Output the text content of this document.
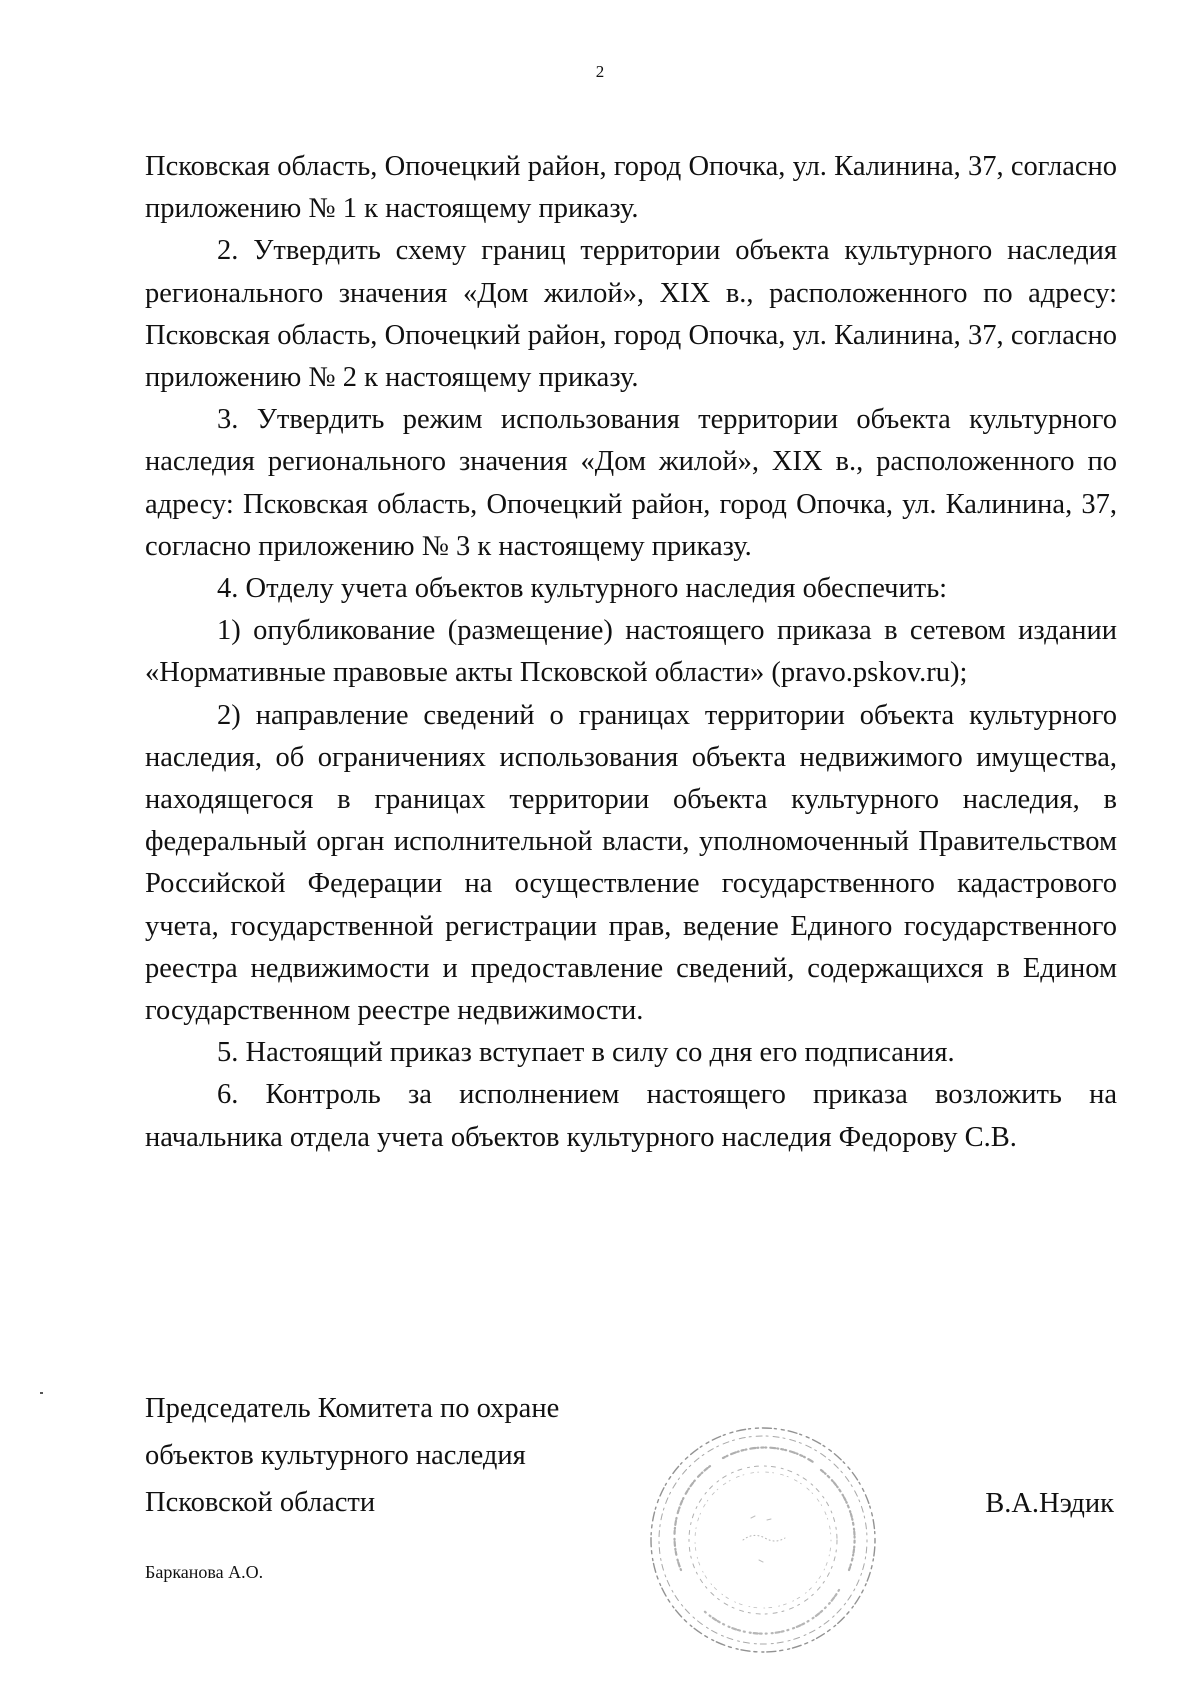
2

Псковская область, Опочецкий район, город Опочка, ул. Калинина, 37, согласно приложению № 1 к настоящему приказу.

2. Утвердить схему границ территории объекта культурного наследия регионального значения «Дом жилой», XIX в., расположенного по адресу: Псковская область, Опочецкий район, город Опочка, ул. Калинина, 37, согласно приложению № 2 к настоящему приказу.

3. Утвердить режим использования территории объекта культурного наследия регионального значения «Дом жилой», XIX в., расположенного по адресу: Псковская область, Опочецкий район, город Опочка, ул. Калинина, 37, согласно приложению № 3 к настоящему приказу.

4. Отделу учета объектов культурного наследия обеспечить:

1) опубликование (размещение) настоящего приказа в сетевом издании «Нормативные правовые акты Псковской области» (pravo.pskov.ru);

2) направление сведений о границах территории объекта культурного наследия, об ограничениях использования объекта недвижимого имущества, находящегося в границах территории объекта культурного наследия, в федеральный орган исполнительной власти, уполномоченный Правительством Российской Федерации на осуществление государственного кадастрового учета, государственной регистрации прав, ведение Единого государственного реестра недвижимости и предоставление сведений, содержащихся в Едином государственном реестре недвижимости.

5. Настоящий приказ вступает в силу со дня его подписания.

6. Контроль за исполнением настоящего приказа возложить на начальника отдела учета объектов культурного наследия Федорову С.В.

Председатель Комитета по охране
объектов культурного наследия
Псковской области	В.А.Нэдик
Барканова А.О.
